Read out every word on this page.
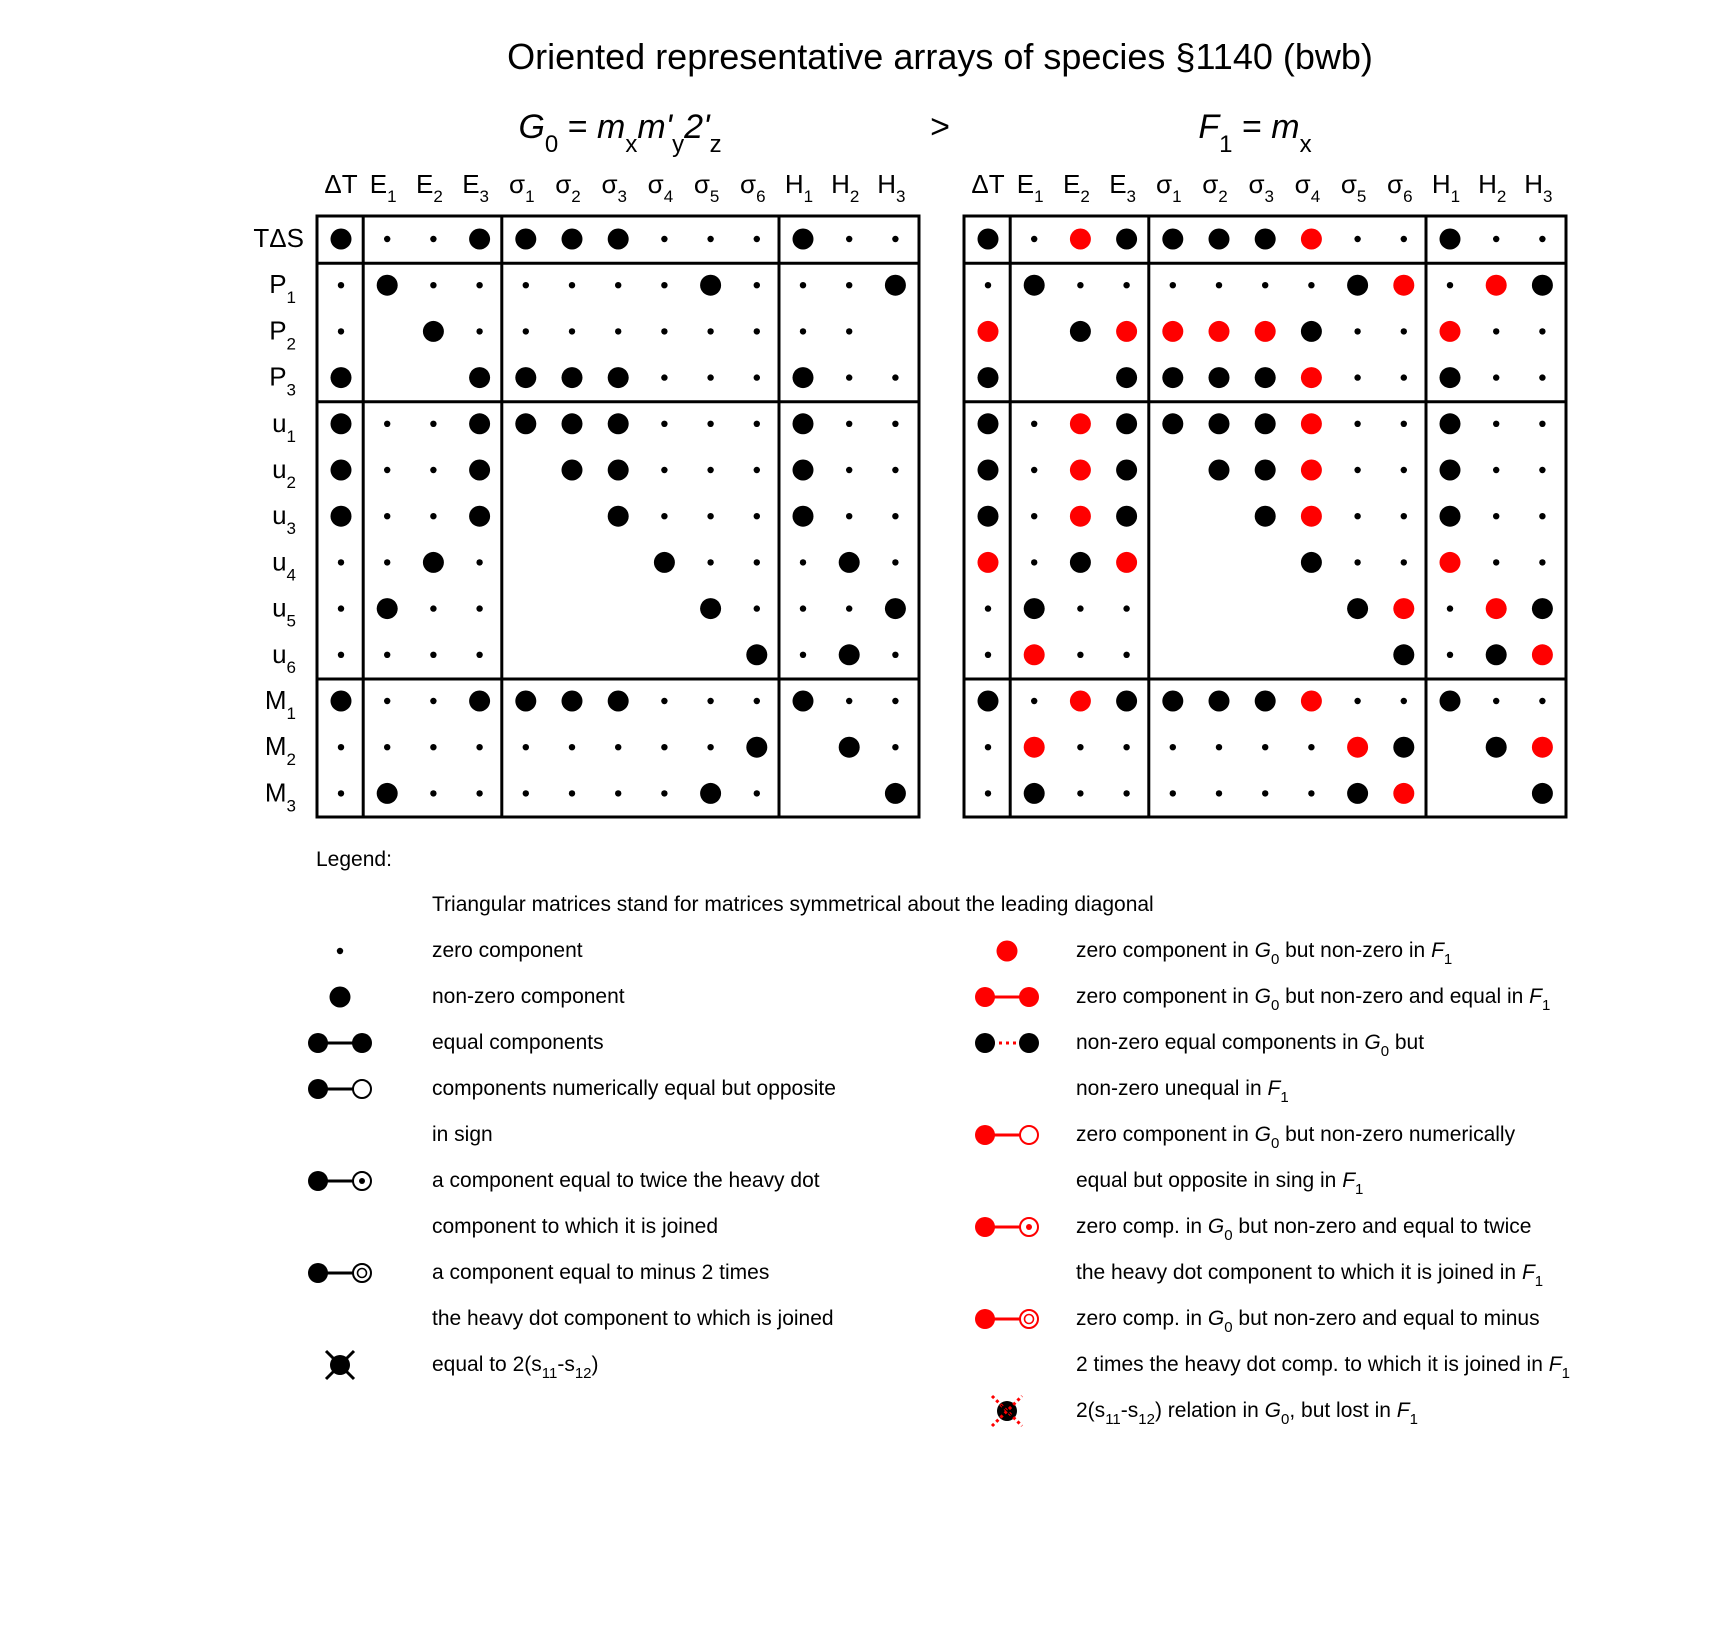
Oriented representative arrays of species §1140 (bwb)
$G_0 = m_xm'_y2'_z$	>	$F_1 = m_x$
ΔT $E_1$ $E_2$ $E_3$ $\sigma_1$ $\sigma_2$ $\sigma_3$ $\sigma_4$ $\sigma_5$ $\sigma_6$ $H_1$ $H_2$ $H_3$
TΔS
$P_1$
$P_2$
$P_3$
$u_1$
$u_2$
$u_3$
$u_4$
$u_5$
$u_6$
$M_1$
$M_2$
$M_3$
ΔT $E_1$ $E_2$ $E_3$ $\sigma_1$ $\sigma_2$ $\sigma_3$ $\sigma_4$ $\sigma_5$ $\sigma_6$ $H_1$ $H_2$ $H_3$
Legend:
Triangular matrices stand for matrices symmetrical about the leading diagonal
zero component
non-zero component
equal components
components numerically equal but opposite
in sign
a component equal to twice the heavy dot
component to which it is joined
a component equal to minus 2 times
the heavy dot component to which is joined
equal to $2(s_{11}-s_{12})$
zero component in $G_0$ but non-zero in $F_1$
zero component in $G_0$ but non-zero and equal in $F_1$
non-zero equal components in $G_0$ but
non-zero unequal in $F_1$
zero component in $G_0$ but non-zero numerically
equal but opposite in sing in $F_1$
zero comp. in $G_0$ but non-zero and equal to twice
the heavy dot component to which it is joined in $F_1$
zero comp. in $G_0$ but non-zero and equal to minus
2 times the heavy dot comp. to which it is joined in $F_1$
$2(s_{11}-s_{12})$ relation in $G_0$, but lost in $F_1$
